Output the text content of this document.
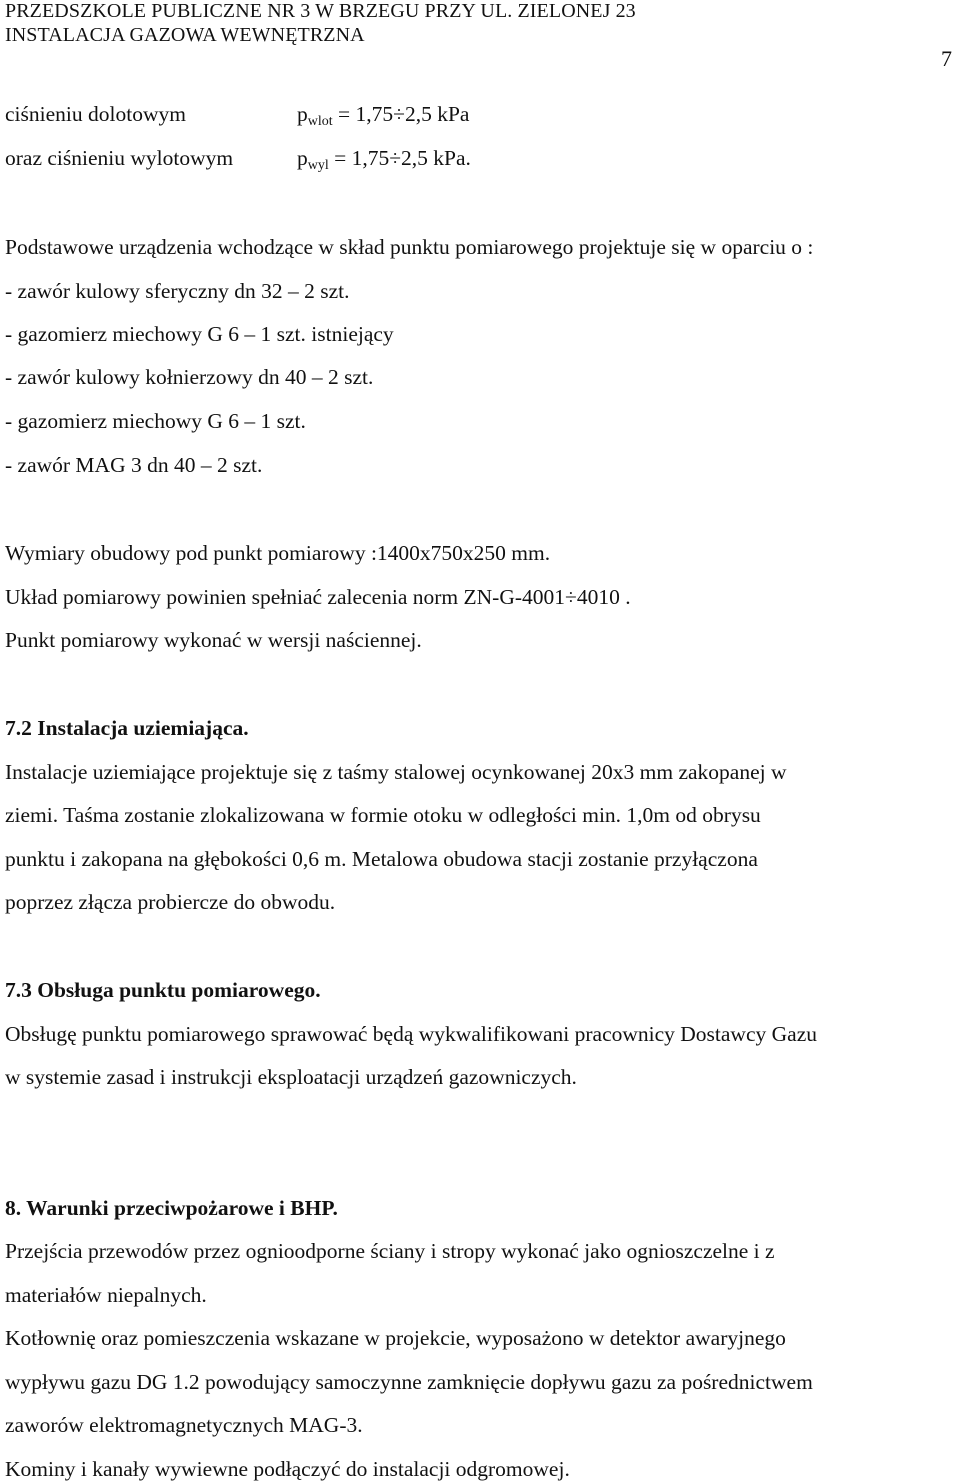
PRZEDSZKOLE PUBLICZNE NR 3 W BRZEGU PRZY UL. ZIELONEJ 23
INSTALACJA GAZOWA WEWNĘTRZNA
7
ciśnieniu dolotowym	pwlot = 1,75÷2,5 kPa
oraz ciśnieniu wylotowym	pwyl = 1,75÷2,5 kPa.
Podstawowe urządzenia wchodzące w skład punktu pomiarowego projektuje się w oparciu o :
- zawór kulowy sferyczny dn 32 – 2 szt.
- gazomierz miechowy G 6 – 1 szt. istniejący
- zawór kulowy kołnierzowy dn 40 – 2 szt.
- gazomierz miechowy G 6 – 1 szt.
- zawór MAG 3 dn 40 – 2 szt.
Wymiary obudowy pod punkt pomiarowy :1400x750x250 mm.
Układ pomiarowy powinien spełniać zalecenia norm ZN-G-4001÷4010 .
Punkt pomiarowy wykonać w wersji naściennej.
7.2 Instalacja uziemiająca.
Instalacje uziemiające projektuje się z taśmy stalowej ocynkowanej 20x3 mm zakopanej w
ziemi. Taśma zostanie zlokalizowana w formie otoku w odległości min. 1,0m od obrysu
punktu i zakopana na głębokości 0,6 m. Metalowa obudowa stacji zostanie przyłączona
poprzez złącza probiercze do obwodu.
7.3 Obsługa punktu pomiarowego.
Obsługę punktu pomiarowego sprawować będą wykwalifikowani pracownicy Dostawcy Gazu
w systemie zasad i instrukcji eksploatacji urządzeń gazowniczych.
8. Warunki przeciwpożarowe i BHP.
Przejścia przewodów przez ognioodporne ściany i stropy wykonać jako ognioszczelne i z
materiałów niepalnych.
Kotłownię oraz pomieszczenia wskazane w projekcie, wyposażono w detektor awaryjnego
wypływu gazu DG 1.2 powodujący samoczynne zamknięcie dopływu gazu za pośrednictwem
zaworów elektromagnetycznych MAG-3.
Kominy i kanały wywiewne podłączyć do instalacji odgromowej.
